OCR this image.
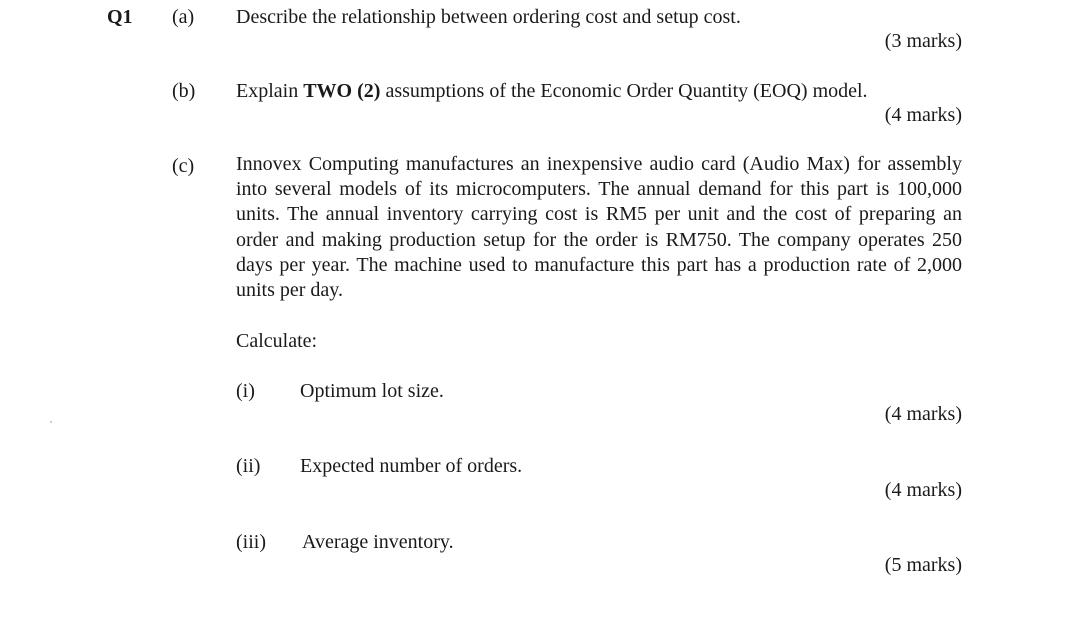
Q1 (a) Describe the relationship between ordering cost and setup cost.
(3 marks)
(b) Explain TWO (2) assumptions of the Economic Order Quantity (EOQ) model.
(4 marks)
(c) Innovex Computing manufactures an inexpensive audio card (Audio Max) for assembly into several models of its microcomputers. The annual demand for this part is 100,000 units. The annual inventory carrying cost is RM5 per unit and the cost of preparing an order and making production setup for the order is RM750. The company operates 250 days per year. The machine used to manufacture this part has a production rate of 2,000 units per day.
Calculate:
(i) Optimum lot size.
(4 marks)
(ii) Expected number of orders.
(4 marks)
(iii) Average inventory.
(5 marks)
